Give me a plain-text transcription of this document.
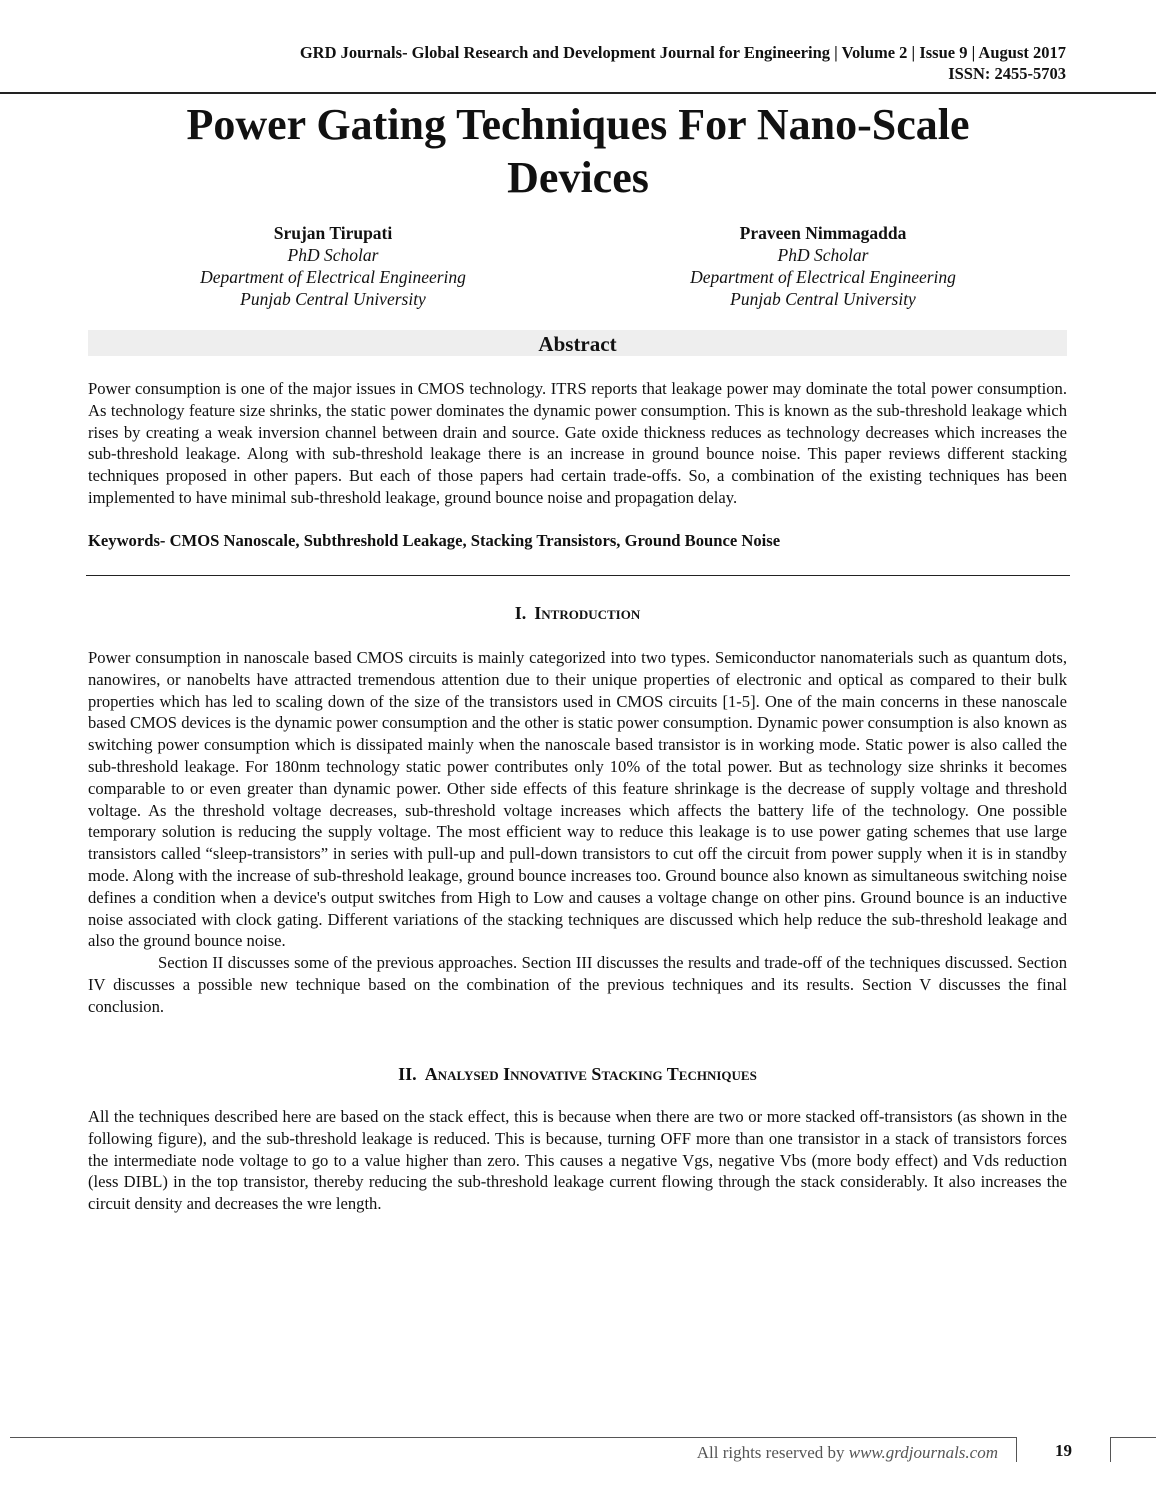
GRD Journals- Global Research and Development Journal for Engineering | Volume 2 | Issue 9 | August 2017
ISSN: 2455-5703
Power Gating Techniques For Nano-Scale
Devices
Srujan Tirupati
PhD Scholar
Department of Electrical Engineering
Punjab Central University
Praveen Nimmagadda
PhD Scholar
Department of Electrical Engineering
Punjab Central University
Abstract

Power consumption is one of the major issues in CMOS technology. ITRS reports that leakage power may dominate the total power consumption. As technology feature size shrinks, the static power dominates the dynamic power consumption. This is known as the sub-threshold leakage which rises by creating a weak inversion channel between drain and source. Gate oxide thickness reduces as technology decreases which increases the sub-threshold leakage. Along with sub-threshold leakage there is an increase in ground bounce noise. This paper reviews different stacking techniques proposed in other papers. But each of those papers had certain trade-offs. So, a combination of the existing techniques has been implemented to have minimal sub-threshold leakage, ground bounce noise and propagation delay.

Keywords- CMOS Nanoscale, Subthreshold Leakage, Stacking Transistors, Ground Bounce Noise
I. Introduction

Power consumption in nanoscale based CMOS circuits is mainly categorized into two types. Semiconductor nanomaterials such as quantum dots, nanowires, or nanobelts have attracted tremendous attention due to their unique properties of electronic and optical as compared to their bulk properties which has led to scaling down of the size of the transistors used in CMOS circuits [1-5]. One of the main concerns in these nanoscale based CMOS devices is the dynamic power consumption and the other is static power consumption. Dynamic power consumption is also known as switching power consumption which is dissipated mainly when the nanoscale based transistor is in working mode. Static power is also called the sub-threshold leakage. For 180nm technology static power contributes only 10% of the total power. But as technology size shrinks it becomes comparable to or even greater than dynamic power. Other side effects of this feature shrinkage is the decrease of supply voltage and threshold voltage. As the threshold voltage decreases, sub-threshold voltage increases which affects the battery life of the technology. One possible temporary solution is reducing the supply voltage. The most efficient way to reduce this leakage is to use power gating schemes that use large transistors called “sleep-transistors” in series with pull-up and pull-down transistors to cut off the circuit from power supply when it is in standby mode. Along with the increase of sub-threshold leakage, ground bounce increases too. Ground bounce also known as simultaneous switching noise defines a condition when a device's output switches from High to Low and causes a voltage change on other pins. Ground bounce is an inductive noise associated with clock gating. Different variations of the stacking techniques are discussed which help reduce the sub-threshold leakage and also the ground bounce noise.

Section II discusses some of the previous approaches. Section III discusses the results and trade-off of the techniques discussed. Section IV discusses a possible new technique based on the combination of the previous techniques and its results. Section V discusses the final conclusion.

II. Analysed Innovative Stacking Techniques

All the techniques described here are based on the stack effect, this is because when there are two or more stacked off-transistors (as shown in the following figure), and the sub-threshold leakage is reduced. This is because, turning OFF more than one transistor in a stack of transistors forces the intermediate node voltage to go to a value higher than zero. This causes a negative Vgs, negative Vbs (more body effect) and Vds reduction (less DIBL) in the top transistor, thereby reducing the sub-threshold leakage current flowing through the stack considerably. It also increases the circuit density and decreases the wre length.

All rights reserved by www.grdjournals.com	19
